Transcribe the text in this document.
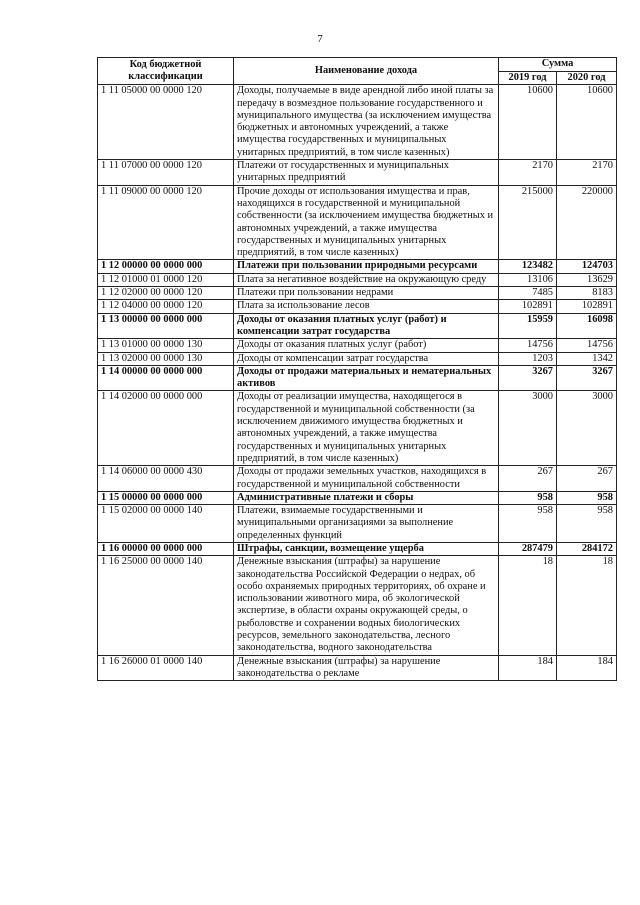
7
Код бюджетной классификации	Наименование дохода	Сумма	
		2019 год	2020 год
1 11 05000 00 0000 120	Доходы, получаемые в виде арендной либо иной платы за передачу в возмездное пользование государственного и муниципального имущества (за исключением имущества бюджетных и автономных учреждений, а также имущества государственных и муниципальных унитарных предприятий, в том числе казенных)	10600	10600
1 11 07000 00 0000 120	Платежи от государственных и муниципальных унитарных предприятий	2170	2170
1 11 09000 00 0000 120	Прочие доходы от использования имущества и прав, находящихся в государственной и муниципальной собственности (за исключением имущества бюджетных и автономных учреждений, а также имущества государственных и муниципальных унитарных предприятий, в том числе казенных)	215000	220000
1 12 00000 00 0000 000	Платежи при пользовании природными ресурсами	123482	124703
1 12 01000 01 0000 120	Плата за негативное воздействие на окружающую среду	13106	13629
1 12 02000 00 0000 120	Платежи при пользовании недрами	7485	8183
1 12 04000 00 0000 120	Плата за использование лесов	102891	102891
1 13 00000 00 0000 000	Доходы от оказания платных услуг (работ) и компенсации затрат государства	15959	16098
1 13 01000 00 0000 130	Доходы от оказания платных услуг (работ)	14756	14756
1 13 02000 00 0000 130	Доходы от компенсации затрат государства	1203	1342
1 14 00000 00 0000 000	Доходы от продажи материальных и нематериальных активов	3267	3267
1 14 02000 00 0000 000	Доходы от реализации имущества, находящегося в государственной и муниципальной собственности (за исключением движимого имущества бюджетных и автономных учреждений, а также имущества государственных и муниципальных унитарных предприятий, в том числе казенных)	3000	3000
1 14 06000 00 0000 430	Доходы от продажи земельных участков, находящихся в государственной и муниципальной собственности	267	267
1 15 00000 00 0000 000	Административные платежи и сборы	958	958
1 15 02000 00 0000 140	Платежи, взимаемые государственными и муниципальными организациями за выполнение определенных функций	958	958
1 16 00000 00 0000 000	Штрафы, санкции, возмещение ущерба	287479	284172
1 16 25000 00 0000 140	Денежные взыскания (штрафы) за нарушение законодательства Российской Федерации о недрах, об особо охраняемых природных территориях, об охране и использовании животного мира, об экологической экспертизе, в области охраны окружающей среды, о рыболовстве и сохранении водных биологических ресурсов, земельного законодательства, лесного законодательства, водного законодательства	18	18
1 16 26000 01 0000 140	Денежные взыскания (штрафы) за нарушение законодательства о рекламе	184	184
